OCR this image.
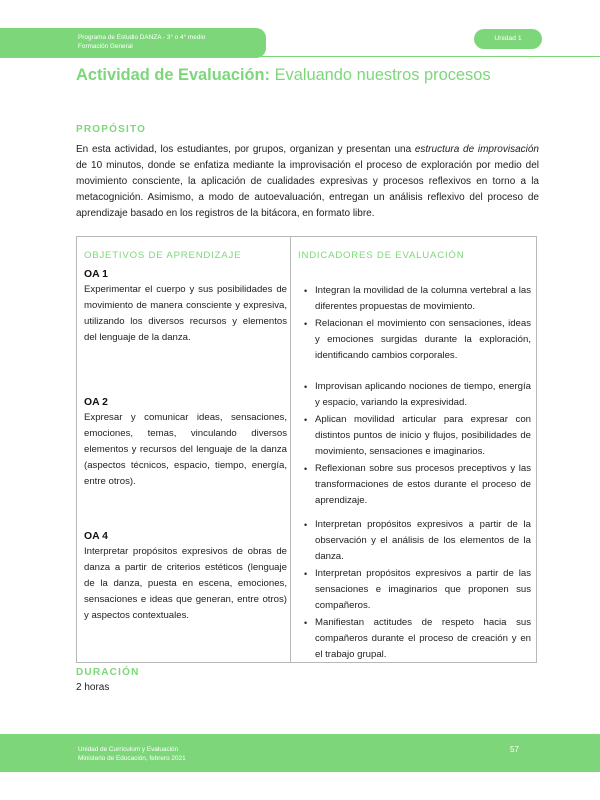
Programa de Estudio DANZA - 3° o 4° medio
Formación General
Unidad 1
Actividad de Evaluación: Evaluando nuestros procesos
PROPÓSITO
En esta actividad, los estudiantes, por grupos, organizan y presentan una estructura de improvisación de 10 minutos, donde se enfatiza mediante la improvisación el proceso de exploración por medio del movimiento consciente, la aplicación de cualidades expresivas y procesos reflexivos en torno a la metacognición. Asimismo, a modo de autoevaluación, entregan un análisis reflexivo del proceso de aprendizaje basado en los registros de la bitácora, en formato libre.
OBJETIVOS DE APRENDIZAJE	INDICADORES DE EVALUACIÓN
OA 1
Experimentar el cuerpo y sus posibilidades de movimiento de manera consciente y expresiva, utilizando los diversos recursos y elementos del lenguaje de la danza.
• Integran la movilidad de la columna vertebral a las diferentes propuestas de movimiento.
• Relacionan el movimiento con sensaciones, ideas y emociones surgidas durante la exploración, identificando cambios corporales.
OA 2
Expresar y comunicar ideas, sensaciones, emociones, temas, vinculando diversos elementos y recursos del lenguaje de la danza (aspectos técnicos, espacio, tiempo, energía, entre otros).
• Improvisan aplicando nociones de tiempo, energía y espacio, variando la expresividad.
• Aplican movilidad articular para expresar con distintos puntos de inicio y flujos, posibilidades de movimiento, sensaciones e imaginarios.
• Reflexionan sobre sus procesos preceptivos y las transformaciones de estos durante el proceso de aprendizaje.
OA 4
Interpretar propósitos expresivos de obras de danza a partir de criterios estéticos (lenguaje de la danza, puesta en escena, emociones, sensaciones e ideas que generan, entre otros) y aspectos contextuales.
• Interpretan propósitos expresivos a partir de la observación y el análisis de los elementos de la danza.
• Interpretan propósitos expresivos a partir de las sensaciones e imaginarios que proponen sus compañeros.
• Manifiestan actitudes de respeto hacia sus compañeros durante el proceso de creación y en el trabajo grupal.
DURACIÓN
2 horas
Unidad de Currículum y Evaluación
Ministerio de Educación, febrero 2021
57
